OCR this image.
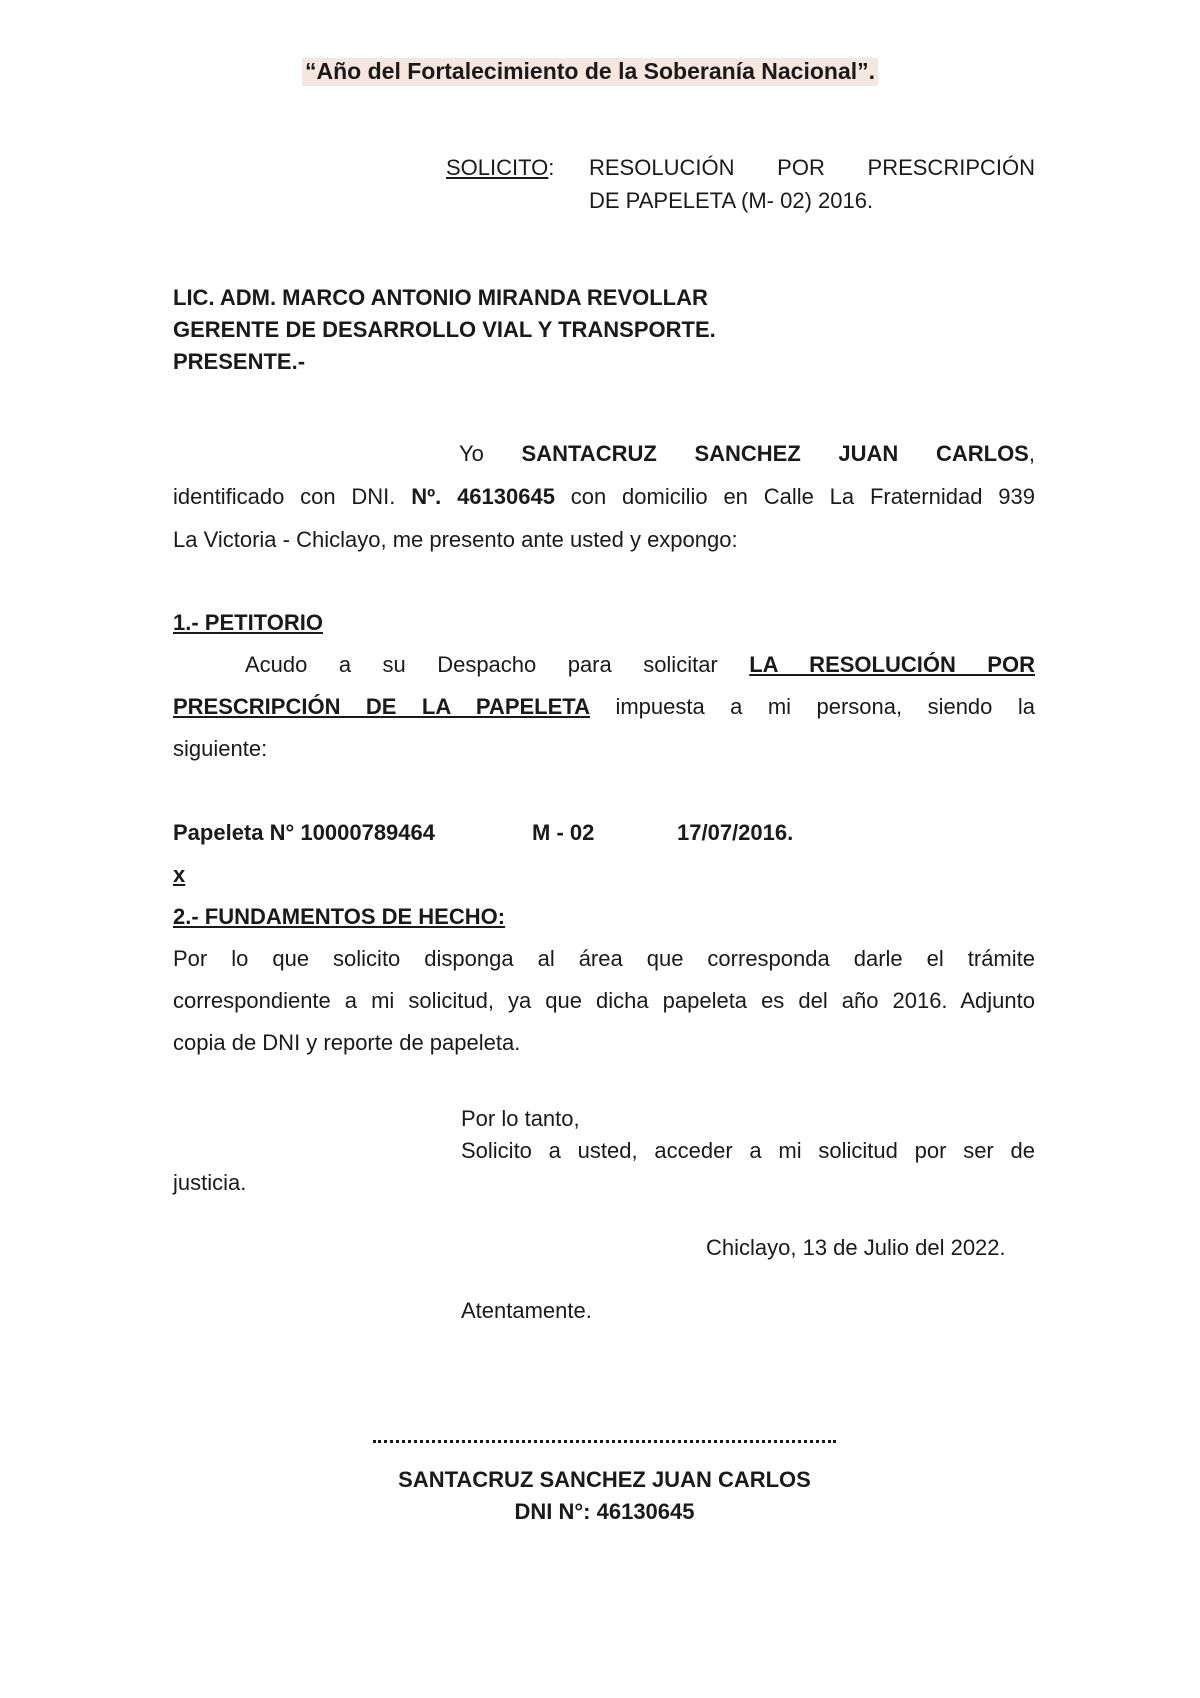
“Año del Fortalecimiento de la Soberanía Nacional”.

SOLICITO: RESOLUCIÓN POR PRESCRIPCIÓN

DE PAPELETA (M- 02) 2016.

LIC. ADM. MARCO ANTONIO MIRANDA REVOLLAR

GERENTE DE DESARROLLO VIAL Y TRANSPORTE.

PRESENTE.-

Yo SANTACRUZ SANCHEZ JUAN CARLOS,

identificado con DNI. Nº. 46130645 con domicilio en Calle La Fraternidad 939

La Victoria - Chiclayo, me presento ante usted y expongo:

1.- PETITORIO

Acudo a su Despacho para solicitar LA RESOLUCIÓN POR

PRESCRIPCIÓN DE LA PAPELETA impuesta a mi persona, siendo la

siguiente:

Papeleta N° 10000789464	M - 02	17/07/2016.

x

2.- FUNDAMENTOS DE HECHO:

Por lo que solicito disponga al área que corresponda darle el trámite

correspondiente a mi solicitud, ya que dicha papeleta es del año 2016. Adjunto

copia de DNI y reporte de papeleta.

Por lo tanto,

Solicito a usted, acceder a mi solicitud por ser de

justicia.

Chiclayo, 13 de Julio del 2022.

Atentamente.

SANTACRUZ SANCHEZ JUAN CARLOS

DNI N°: 46130645
